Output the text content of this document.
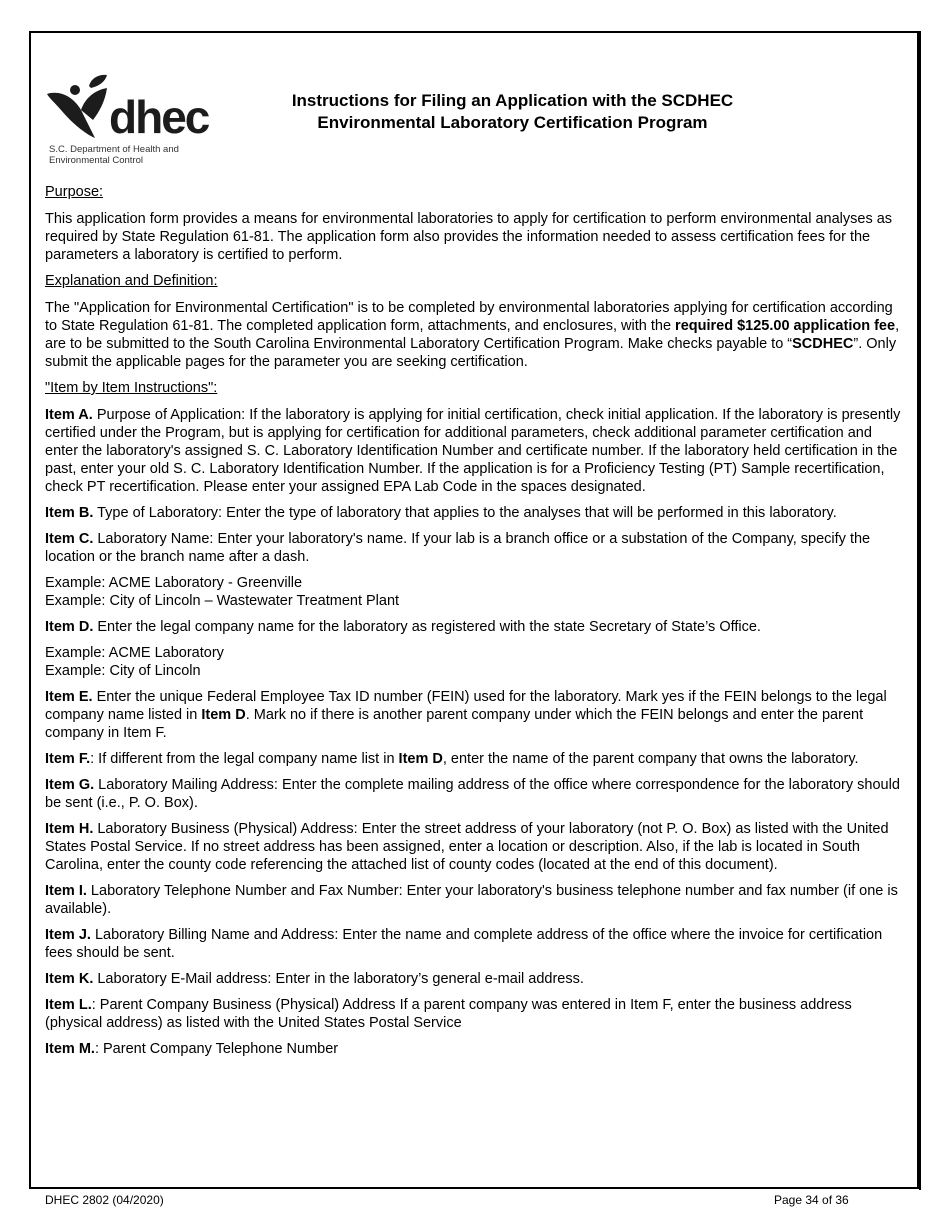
dhec
S.C. Department of Health and
Environmental Control
Instructions for Filing an Application with the SCDHEC
Environmental Laboratory Certification Program

Purpose:

This application form provides a means for environmental laboratories to apply for certification to perform environmental analyses as required by State Regulation 61-81. The application form also provides the information needed to assess certification fees for the parameters a laboratory is certified to perform.

Explanation and Definition:

The "Application for Environmental Certification" is to be completed by environmental laboratories applying for certification according to State Regulation 61-81. The completed application form, attachments, and enclosures, with the required $125.00 application fee, are to be submitted to the South Carolina Environmental Laboratory Certification Program. Make checks payable to “SCDHEC”. Only submit the applicable pages for the parameter you are seeking certification.

"Item by Item Instructions":

Item A. Purpose of Application: If the laboratory is applying for initial certification, check initial application. If the laboratory is presently certified under the Program, but is applying for certification for additional parameters, check additional parameter certification and enter the laboratory's assigned S. C. Laboratory Identification Number and certificate number. If the laboratory held certification in the past, enter your old S. C. Laboratory Identification Number. If the application is for a Proficiency Testing (PT) Sample recertification, check PT recertification. Please enter your assigned EPA Lab Code in the spaces designated.

Item B. Type of Laboratory: Enter the type of laboratory that applies to the analyses that will be performed in this laboratory.

Item C. Laboratory Name: Enter your laboratory's name. If your lab is a branch office or a substation of the Company, specify the location or the branch name after a dash.

Example: ACME Laboratory - Greenville

Example: City of Lincoln – Wastewater Treatment Plant

Item D. Enter the legal company name for the laboratory as registered with the state Secretary of State’s Office.

Example: ACME Laboratory

Example: City of Lincoln

Item E. Enter the unique Federal Employee Tax ID number (FEIN) used for the laboratory. Mark yes if the FEIN belongs to the legal company name listed in Item D. Mark no if there is another parent company under which the FEIN belongs and enter the parent company in Item F.

Item F.: If different from the legal company name list in Item D, enter the name of the parent company that owns the laboratory.

Item G. Laboratory Mailing Address: Enter the complete mailing address of the office where correspondence for the laboratory should be sent (i.e., P. O. Box).

Item H. Laboratory Business (Physical) Address: Enter the street address of your laboratory (not P. O. Box) as listed with the United States Postal Service. If no street address has been assigned, enter a location or description. Also, if the lab is located in South Carolina, enter the county code referencing the attached list of county codes (located at the end of this document).

Item I. Laboratory Telephone Number and Fax Number: Enter your laboratory's business telephone number and fax number (if one is available).

Item J. Laboratory Billing Name and Address: Enter the name and complete address of the office where the invoice for certification fees should be sent.

Item K. Laboratory E-Mail address: Enter in the laboratory’s general e-mail address.

Item L.: Parent Company Business (Physical) Address If a parent company was entered in Item F, enter the business address (physical address) as listed with the United States Postal Service

Item M.: Parent Company Telephone Number

DHEC 2802 (04/2020)	Page 34 of 36
